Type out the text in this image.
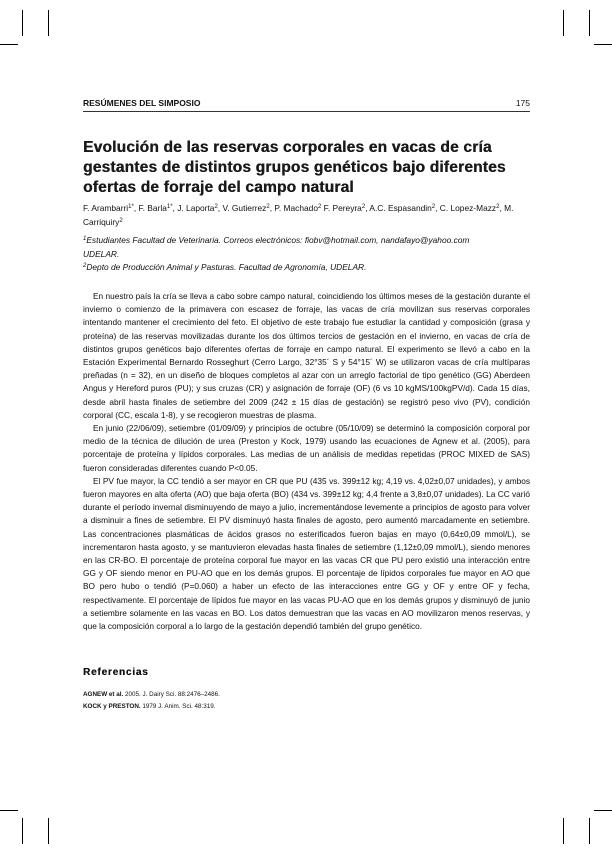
RESÚMENES DEL SIMPOSIO	175
Evolución de las reservas corporales en vacas de cría
gestantes de distintos grupos genéticos bajo diferentes
ofertas de forraje del campo natural
F. Arambarri$^{1*}$, F. Barla$^{1*}$, J. Laporta$^2$, V. Gutierrez$^2$, P. Machado$^2$ F. Pereyra$^2$, A.C. Espasandin$^2$, C. Lopez-Mazz$^2$, M. Carriquiry$^2$
$^1$Estudiantes Facultad de Veterinaria. Correos electrónicos: fiobv@hotmail.com, nandafayo@yahoo.com
UDELAR.
$^2$Depto de Producción Animal y Pasturas. Facultad de Agronomía, UDELAR.

En nuestro país la cría se lleva a cabo sobre campo natural, coincidiendo los últimos meses de la gestación durante el invierno o comienzo de la primavera con escasez de forraje, las vacas de cría movilizan sus reservas corporales intentando mantener el crecimiento del feto. El objetivo de este trabajo fue estudiar la cantidad y composición (grasa y proteína) de las reservas movilizadas durante los dos últimos tercios de gestación en el invierno, en vacas de cría de distintos grupos genéticos bajo diferentes ofertas de forraje en campo natural. El experimento se llevó a cabo en la Estación Experimental Bernardo Rosseghurt (Cerro Largo, 32°35´ S y 54°15´ W) se utilizaron vacas de cría multíparas preñadas (n = 32), en un diseño de bloques completos al azar con un arreglo factorial de tipo genético (GG) Aberdeen Angus y Hereford puros (PU); y sus cruzas (CR) y asignación de forraje (OF) (6 vs 10 kgMS/100kgPV/d). Cada 15 días, desde abril hasta finales de setiembre del 2009 (242 ± 15 días de gestación) se registró peso vivo (PV), condición corporal (CC, escala 1-8), y se recogieron muestras de plasma.

En junio (22/06/09), setiembre (01/09/09) y principios de octubre (05/10/09) se determinó la composición corporal por medio de la técnica de dilución de urea (Preston y Kock, 1979) usando las ecuaciones de Agnew et al. (2005), para porcentaje de proteína y lípidos corporales. Las medias de un análisis de medidas repetidas (PROC MIXED de SAS) fueron consideradas diferentes cuando P<0.05.

El PV fue mayor, la CC tendió a ser mayor en CR que PU (435 vs. 399±12 kg; 4,19 vs. 4,02±0,07 unidades), y ambos fueron mayores en alta oferta (AO) que baja oferta (BO) (434 vs. 399±12 kg; 4,4 frente a 3,8±0,07 unidades). La CC varió durante el período invernal disminuyendo de mayo a julio, incrementándose levemente a principios de agosto para volver a disminuir a fines de setiembre. El PV disminuyó hasta finales de agosto, pero aumentó marcadamente en setiembre. Las concentraciones plasmáticas de ácidos grasos no esterificados fueron bajas en mayo (0,64±0,09 mmol/L), se incrementaron hasta agosto, y se mantuvieron elevadas hasta finales de setiembre (1,12±0,09 mmol/L), siendo menores en las CR-BO. El porcentaje de proteína corporal fue mayor en las vacas CR que PU pero existió una interacción entre GG y OF siendo menor en PU-AO que en los demás grupos. El porcentaje de lípidos corporales fue mayor en AO que BO pero hubo o tendió (P=0.060) a haber un efecto de las interacciones entre GG y OF y entre OF y fecha, respectivamente. El porcentaje de lípidos fue mayor en las vacas PU-AO que en los demás grupos y disminuyó de junio a setiembre solamente en las vacas en BO. Los datos demuestran que las vacas en AO movilizaron menos reservas, y que la composición corporal a lo largo de la gestación dependió también del grupo genético.

Referencias
AGNEW et al. 2005. J. Dairy Sci. 88:2476–2486.
KOCK y PRESTON. 1979 J. Anim. Sci. 48:319.
